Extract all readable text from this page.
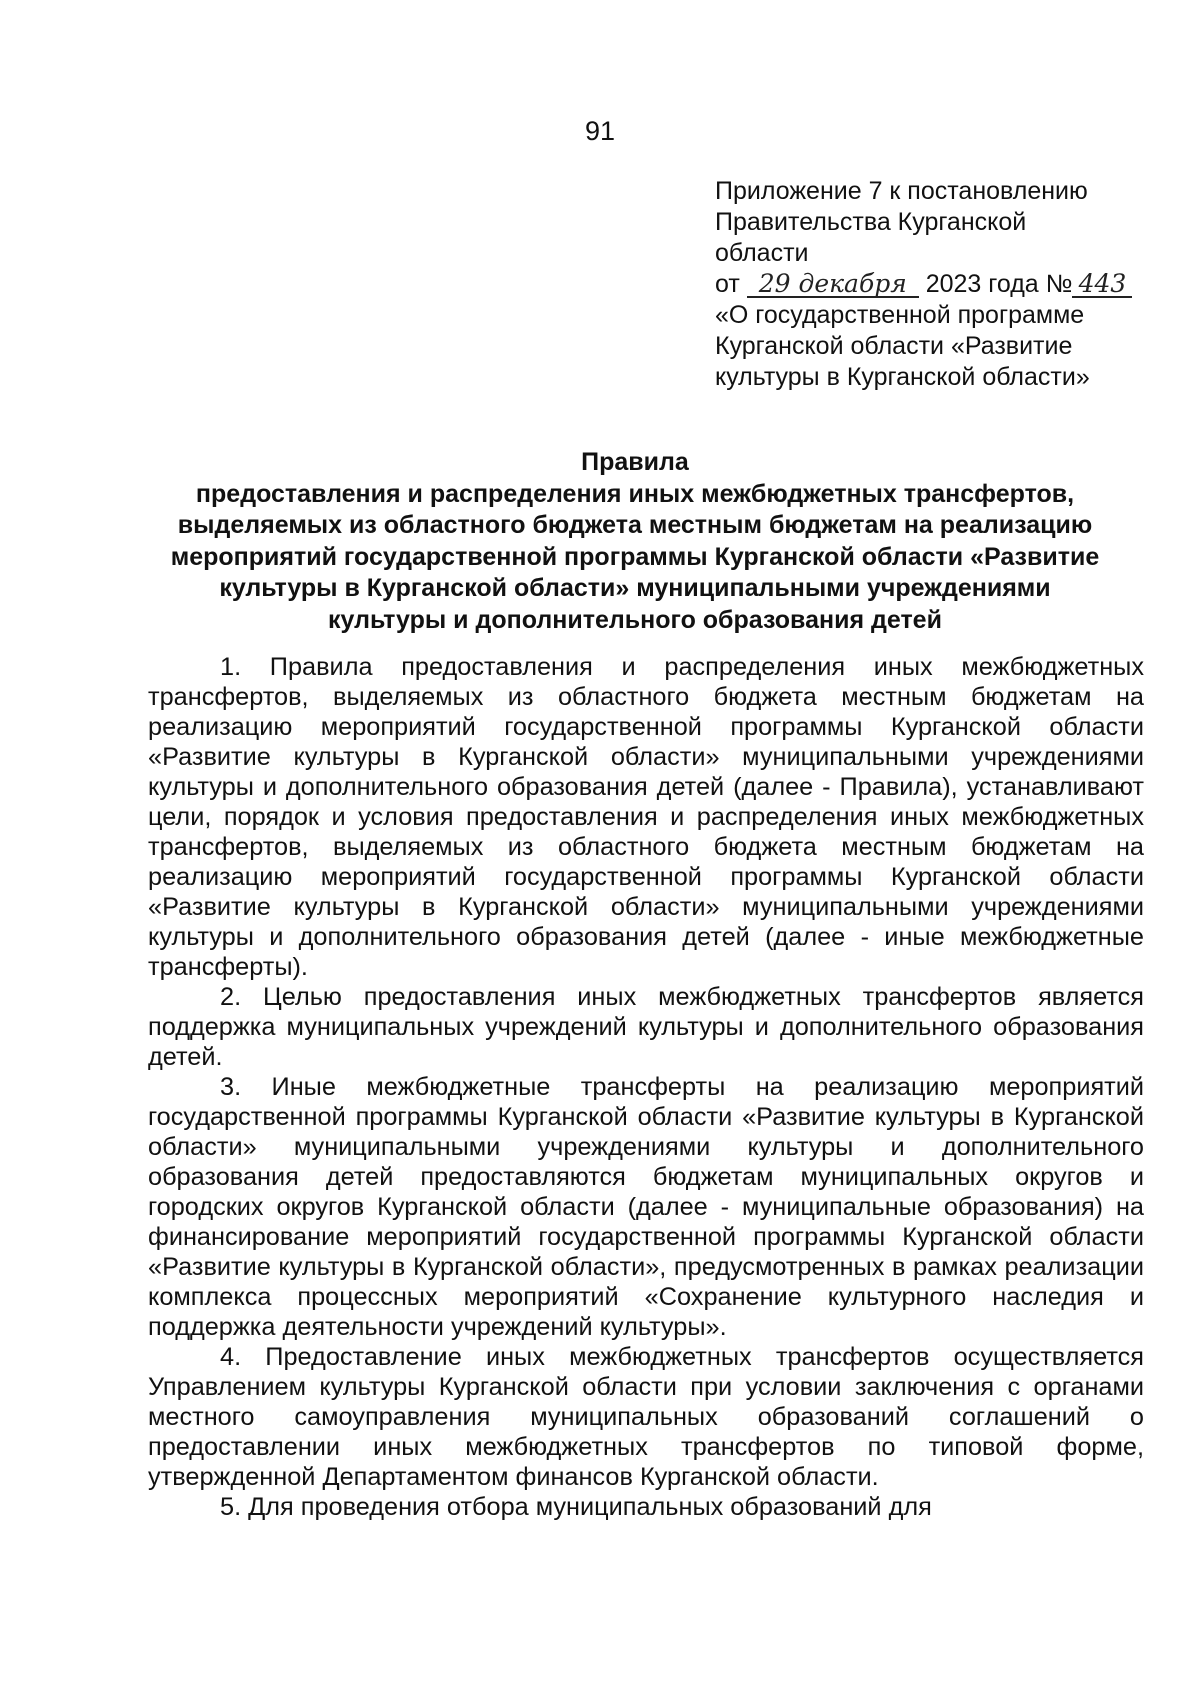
91
Приложение 7 к постановлению
Правительства Курганской
области
от 29 декабря 2023 года № 443
«О государственной программе
Курганской области «Развитие
культуры в Курганской области»
Правила
предоставления и распределения иных межбюджетных трансфертов,
выделяемых из областного бюджета местным бюджетам на реализацию
мероприятий государственной программы Курганской области «Развитие
культуры в Курганской области» муниципальными учреждениями
культуры и дополнительного образования детей

1. Правила предоставления и распределения иных межбюджетных трансфертов, выделяемых из областного бюджета местным бюджетам на реализацию мероприятий государственной программы Курганской области «Развитие культуры в Курганской области» муниципальными учреждениями культуры и дополнительного образования детей (далее - Правила), устанавливают цели, порядок и условия предоставления и распределения иных межбюджетных трансфертов, выделяемых из областного бюджета местным бюджетам на реализацию мероприятий государственной программы Курганской области «Развитие культуры в Курганской области» муниципальными учреждениями культуры и дополнительного образования детей (далее - иные межбюджетные трансферты).

2. Целью предоставления иных межбюджетных трансфертов является поддержка муниципальных учреждений культуры и дополнительного образования детей.

3. Иные межбюджетные трансферты на реализацию мероприятий государственной программы Курганской области «Развитие культуры в Курганской области» муниципальными учреждениями культуры и дополнительного образования детей предоставляются бюджетам муниципальных округов и городских округов Курганской области (далее - муниципальные образования) на финансирование мероприятий государственной программы Курганской области «Развитие культуры в Курганской области», предусмотренных в рамках реализации комплекса процессных мероприятий «Сохранение культурного наследия и поддержка деятельности учреждений культуры».

4. Предоставление иных межбюджетных трансфертов осуществляется Управлением культуры Курганской области при условии заключения с органами местного самоуправления муниципальных образований соглашений о предоставлении иных межбюджетных трансфертов по типовой форме, утвержденной Департаментом финансов Курганской области.

5. Для проведения отбора муниципальных образований для
